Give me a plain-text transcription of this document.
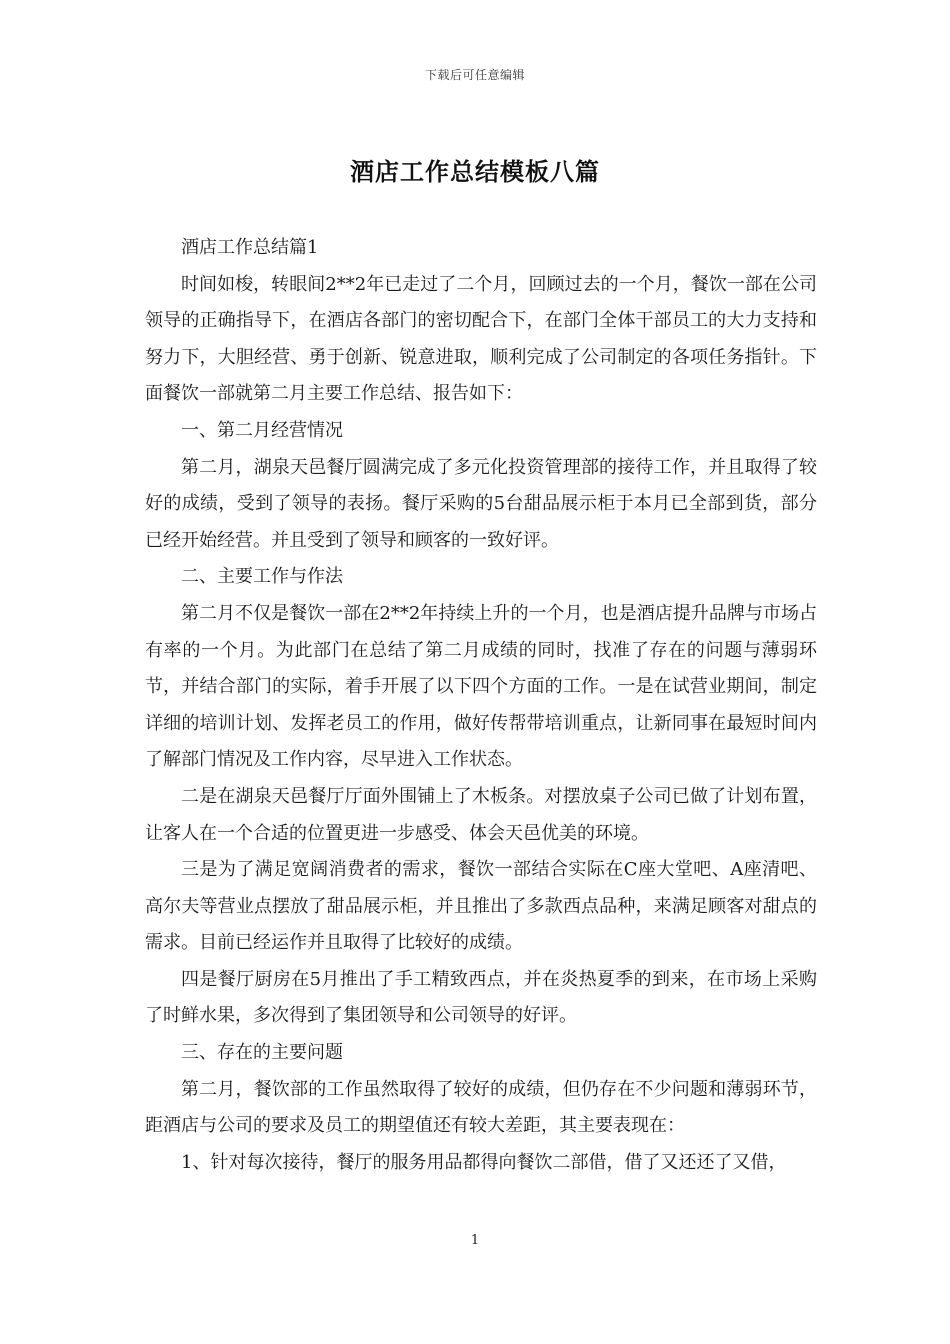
下载后可任意编辑
酒店工作总结模板八篇

酒店工作总结篇1

时间如梭，转眼间2**2年已走过了二个月，回顾过去的一个月，餐饮一部在公司领导的正确指导下，在酒店各部门的密切配合下，在部门全体干部员工的大力支持和努力下，大胆经营、勇于创新、锐意进取，顺利完成了公司制定的各项任务指针。下面餐饮一部就第二月主要工作总结、报告如下：

一、第二月经营情况

第二月，湖泉天邑餐厅圆满完成了多元化投资管理部的接待工作，并且取得了较好的成绩，受到了领导的表扬。餐厅采购的5台甜品展示柜于本月已全部到货，部分已经开始经营。并且受到了领导和顾客的一致好评。

二、主要工作与作法

第二月不仅是餐饮一部在2**2年持续上升的一个月，也是酒店提升品牌与市场占有率的一个月。为此部门在总结了第二月成绩的同时，找准了存在的问题与薄弱环节，并结合部门的实际，着手开展了以下四个方面的工作。一是在试营业期间，制定详细的培训计划、发挥老员工的作用，做好传帮带培训重点，让新同事在最短时间内了解部门情况及工作内容，尽早进入工作状态。

二是在湖泉天邑餐厅厅面外围铺上了木板条。对摆放桌子公司已做了计划布置，让客人在一个合适的位置更进一步感受、体会天邑优美的环境。

三是为了满足宽阔消费者的需求，餐饮一部结合实际在C座大堂吧、A座清吧、高尔夫等营业点摆放了甜品展示柜，并且推出了多款西点品种，来满足顾客对甜点的需求。目前已经运作并且取得了比较好的成绩。

四是餐厅厨房在5月推出了手工精致西点，并在炎热夏季的到来，在市场上采购了时鲜水果，多次得到了集团领导和公司领导的好评。

三、存在的主要问题

第二月，餐饮部的工作虽然取得了较好的成绩，但仍存在不少问题和薄弱环节，距酒店与公司的要求及员工的期望值还有较大差距，其主要表现在：

1、针对每次接待，餐厅的服务用品都得向餐饮二部借，借了又还还了又借，

1
